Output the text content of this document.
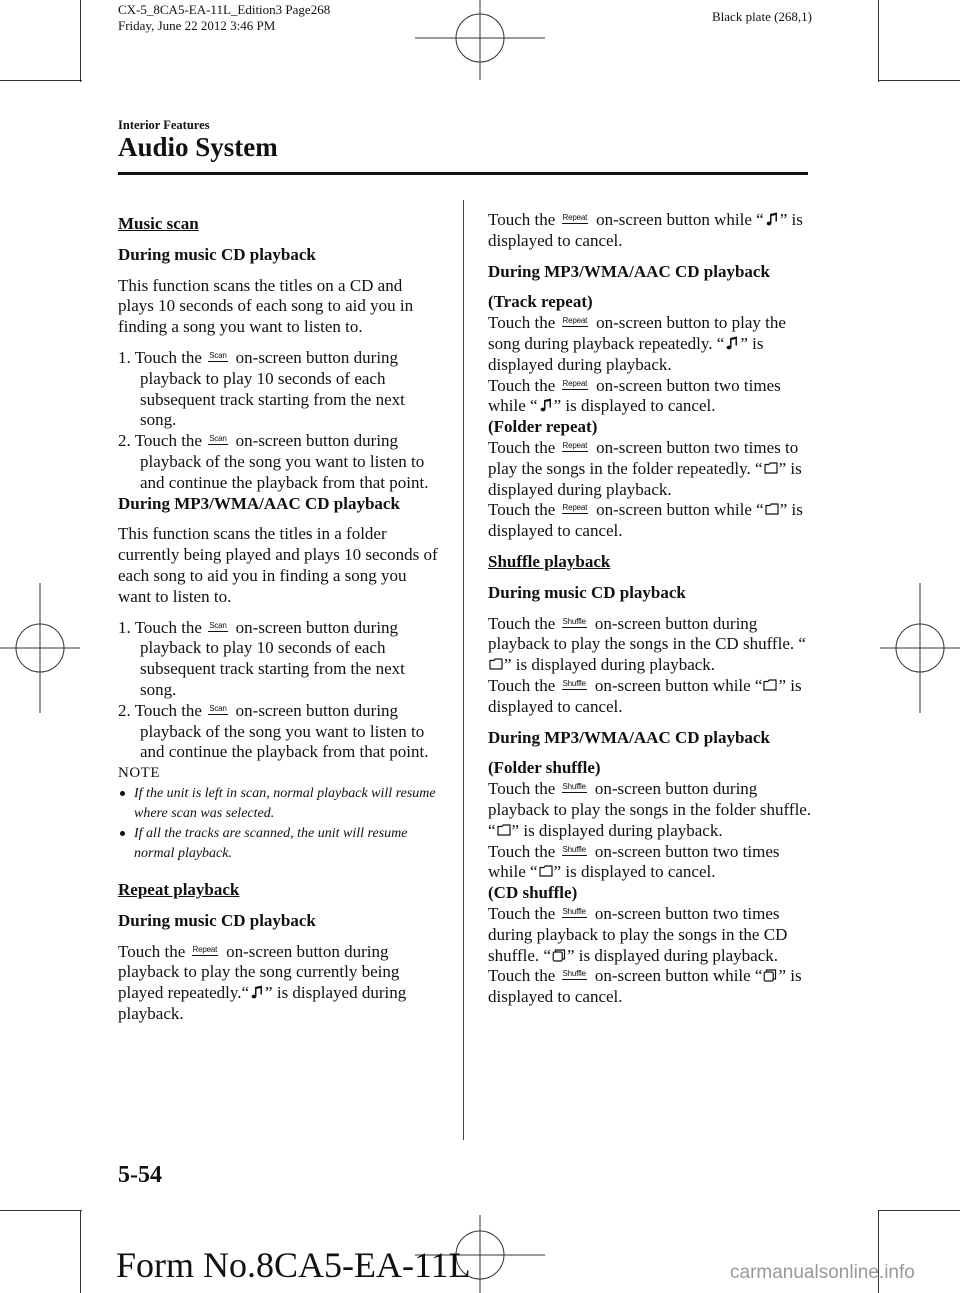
CX-5_8CA5-EA-11L_Edition3 Page268
Friday, June 22 2012 3:46 PM
Black plate (268,1)
Interior Features
Audio System

Music scan

During music CD playback

This function scans the titles on a CD and plays 10 seconds of each song to aid you in finding a song you want to listen to.

1. Touch the Scan on-screen button during playback to play 10 seconds of each subsequent track starting from the next song.

2. Touch the Scan on-screen button during playback of the song you want to listen to and continue the playback from that point.

During MP3/WMA/AAC CD playback

This function scans the titles in a folder currently being played and plays 10 seconds of each song to aid you in finding a song you want to listen to.

1. Touch the Scan on-screen button during playback to play 10 seconds of each subsequent track starting from the next song.

2. Touch the Scan on-screen button during playback of the song you want to listen to and continue the playback from that point.

NOTE

If the unit is left in scan, normal playback will resume where scan was selected.

If all the tracks are scanned, the unit will resume normal playback.

Repeat playback

During music CD playback

Touch the Repeat on-screen button during playback to play the song currently being played repeatedly.“ ” is displayed during playback.

Touch the Repeat on-screen button while “ ” is displayed to cancel.

During MP3/WMA/AAC CD playback

(Track repeat)

Touch the Repeat on-screen button to play the song during playback repeatedly. “ ” is displayed during playback.

Touch the Repeat on-screen button two times while “ ” is displayed to cancel.

(Folder repeat)

Touch the Repeat on-screen button two times to play the songs in the folder repeatedly. “ ” is displayed during playback.

Touch the Repeat on-screen button while “ ” is displayed to cancel.

Shuffle playback

During music CD playback

Touch the Shuffle on-screen button during playback to play the songs in the CD shuffle. “” is displayed during playback.

Touch the Shuffle on-screen button while “ ” is displayed to cancel.

During MP3/WMA/AAC CD playback

(Folder shuffle)

Touch the Shuffle on-screen button during playback to play the songs in the folder shuffle. “ ” is displayed during playback.

Touch the Shuffle on-screen button two times while “ ” is displayed to cancel.

(CD shuffle)

Touch the Shuffle on-screen button two times during playback to play the songs in the CD shuffle. “ ” is displayed during playback.

Touch the Shuffle on-screen button while “ ” is displayed to cancel.

5-54
Form No.8CA5-EA-11L	carmanualsonline.info
